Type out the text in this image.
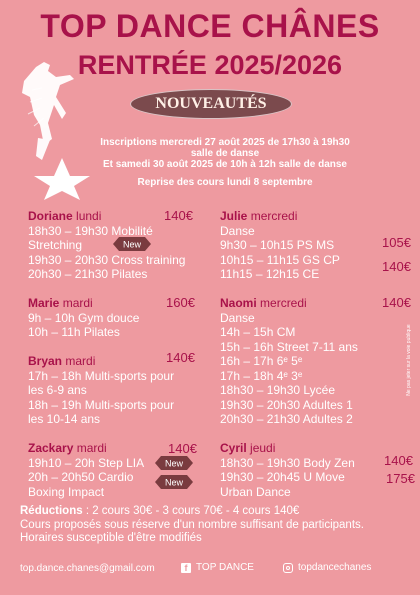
TOP DANCE CHÂNES
RENTRÉE 2025/2026
NOUVEAUTÉS
Inscriptions mercredi 27 août 2025 de 17h30 à 19h30
salle de danse
Et samedi 30 août 2025 de 10h à 12h salle de danse
Reprise des cours lundi 8 septembre
Doriane lundi
18h30 – 19h30 Mobilité
Stretching
19h30 – 20h30 Cross training
20h30 – 21h30 Pilates
140€
Marie mardi
9h – 10h Gym douce
10h – 11h Pilates
160€
Bryan mardi
17h – 18h Multi-sports pour
les 6-9 ans
18h – 19h Multi-sports pour
les 10-14 ans
140€
Zackary mardi
19h10 – 20h Step LIA
20h – 20h50 Cardio
Boxing Impact
140€
New
New
New
Julie mercredi
Danse
9h30 – 10h15 PS MS
10h15 – 11h15 GS CP
11h15 – 12h15 CE
105€
140€
Naomi mercredi
Danse
14h – 15h CM
15h – 16h Street 7-11 ans
16h – 17h 6ᵉ 5ᵉ
17h – 18h 4ᵉ 3ᵉ
18h30 – 19h30 Lycée
19h30 – 20h30 Adultes 1
20h30 – 21h30 Adultes 2
140€
Cyril jeudi
18h30 – 19h30 Body Zen
19h30 – 20h45 U Move
Urban Dance
140€
175€
Réductions : 2 cours 30€ - 3 cours 70€ - 4 cours 140€
Cours proposés sous réserve d'un nombre suffisant de participants.
Horaires susceptible d'être modifiés
top.dance.chanes@gmail.com	f TOP DANCE	topdancechanes
Ne pas jeter sur la voie publique
